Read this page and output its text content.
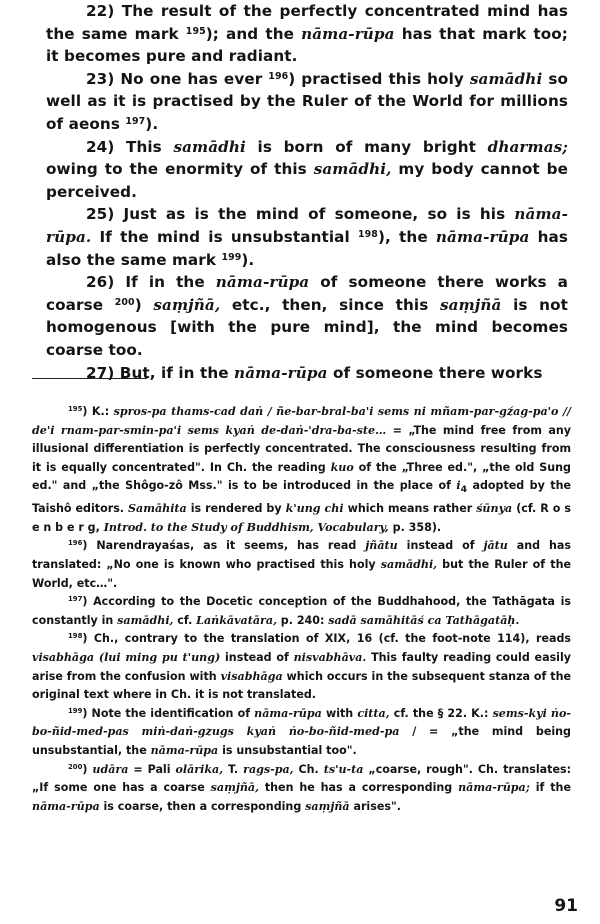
22) The result of the perfectly concentrated mind has the same mark $^{195}$); and the nāma-rūpa has that mark too; it becomes pure and radiant.

23) No one has ever $^{196}$) practised this holy samādhi so well as it is practised by the Ruler of the World for millions of aeons $^{197}$).

24) This samādhi is born of many bright dharmas; owing to the enormity of this samādhi, my body cannot be perceived.

25) Just as is the mind of someone, so is his nāma-rūpa. If the mind is unsubstantial $^{198}$), the nāma-rūpa has also the same mark $^{199}$).

26) If in the nāma-rūpa of someone there works a coarse $^{200}$) saṃjñā, etc., then, since this saṃjñā is not homogenous [with the pure mind], the mind becomes coarse too.

27) But, if in the nāma-rūpa of someone there works

$^{195}$) K.: spros-pa thams-cad daṅ / ñe-bar-bral-ba'i sems ni mñam-par-gźag-pa'o // de'i rnam-par-smin-pa'i sems kyaṅ de-daṅ-'dra-ba-ste… = „The mind free from any illusional differentiation is perfectly concentrated. The consciousness resulting from it is equally concentrated". In Ch. the reading kuo of the „Three ed.", „the old Sung ed." and „the Shôgo-zô Mss." is to be introduced in the place of $i_4$ adopted by the Taishô editors. Samāhita is rendered by k'ung chi which means rather śūnya (cf. R o s e n b e r g, Introd. to the Study of Buddhism, Vocabulary, p. 358).

$^{196}$) Narendrayaśas, as it seems, has read jñātu instead of jātu and has translated: „No one is known who practised this holy samādhi, but the Ruler of the World, etc…".

$^{197}$) According to the Docetic conception of the Buddhahood, the Tathāgata is constantly in samādhi, cf. Laṅkāvatāra, p. 240: sadā samāhitāś ca Tathāgatāḥ.

$^{198}$) Ch., contrary to the translation of XIX, 16 (cf. the foot-note 114), reads visabhāga (lui ming pu t'ung) instead of nisvabhāva. This faulty reading could easily arise from the confusion with visabhāga which occurs in the subsequent stanza of the original text where in Ch. it is not translated.

$^{199}$) Note the identification of nāma-rūpa with citta, cf. the § 22. K.: sems-kyi ṅo-bo-ñid-med-pas miṅ-daṅ-gzugs kyaṅ ṅo-bo-ñid-med-pa / = „the mind being unsubstantial, the nāma-rūpa is unsubstantial too".

$^{200}$) udāra = Pali olārika, T. rags-pa, Ch. ts'u-ta „coarse, rough". Ch. translates: „If some one has a coarse saṃjñā, then he has a corresponding nāma-rūpa; if the nāma-rūpa is coarse, then a corresponding saṃjñā arises".

91
